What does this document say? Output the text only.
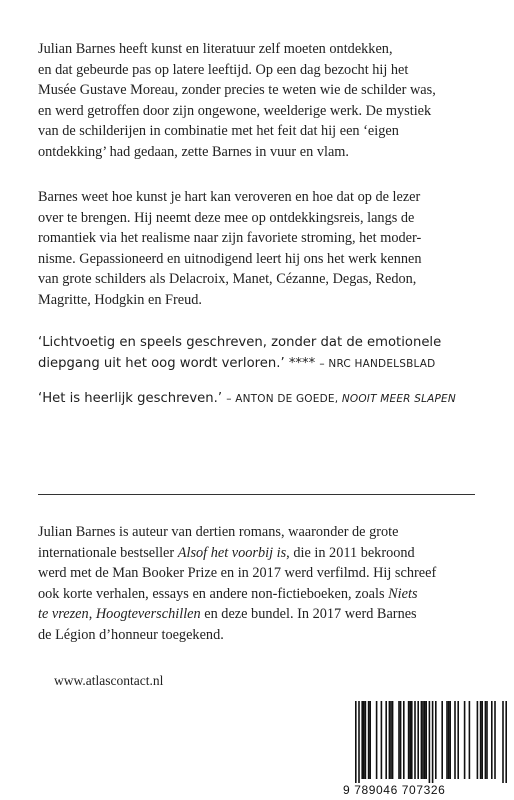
Julian Barnes heeft kunst en literatuur zelf moeten ontdekken,
en dat gebeurde pas op latere leeftijd. Op een dag bezocht hij het
Musée Gustave Moreau, zonder precies te weten wie de schilder was,
en werd getroffen door zijn ongewone, weelderige werk. De mystiek
van de schilderijen in combinatie met het feit dat hij een ‘eigen
ontdekking’ had gedaan, zette Barnes in vuur en vlam.
Barnes weet hoe kunst je hart kan veroveren en hoe dat op de lezer
over te brengen. Hij neemt deze mee op ontdekkingsreis, langs de
romantiek via het realisme naar zijn favoriete stroming, het moder-
nisme. Gepassioneerd en uitnodigend leert hij ons het werk kennen
van grote schilders als Delacroix, Manet, Cézanne, Degas, Redon,
Magritte, Hodgkin en Freud.
‘Lichtvoetig en speels geschreven, zonder dat de emotionele
diepgang uit het oog wordt verloren.’ **** – NRC HANDELSBLAD
‘Het is heerlijk geschreven.’ – ANTON DE GOEDE, NOOIT MEER SLAPEN
Julian Barnes is auteur van dertien romans, waaronder de grote
internationale bestseller Alsof het voorbij is, die in 2011 bekroond
werd met de Man Booker Prize en in 2017 werd verfilmd. Hij schreef
ook korte verhalen, essays en andere non-fictieboeken, zoals Niets
te vrezen, Hoogteverschillen en deze bundel. In 2017 werd Barnes
de Légion d’honneur toegekend.
www.atlascontact.nl
9 789046 707326
